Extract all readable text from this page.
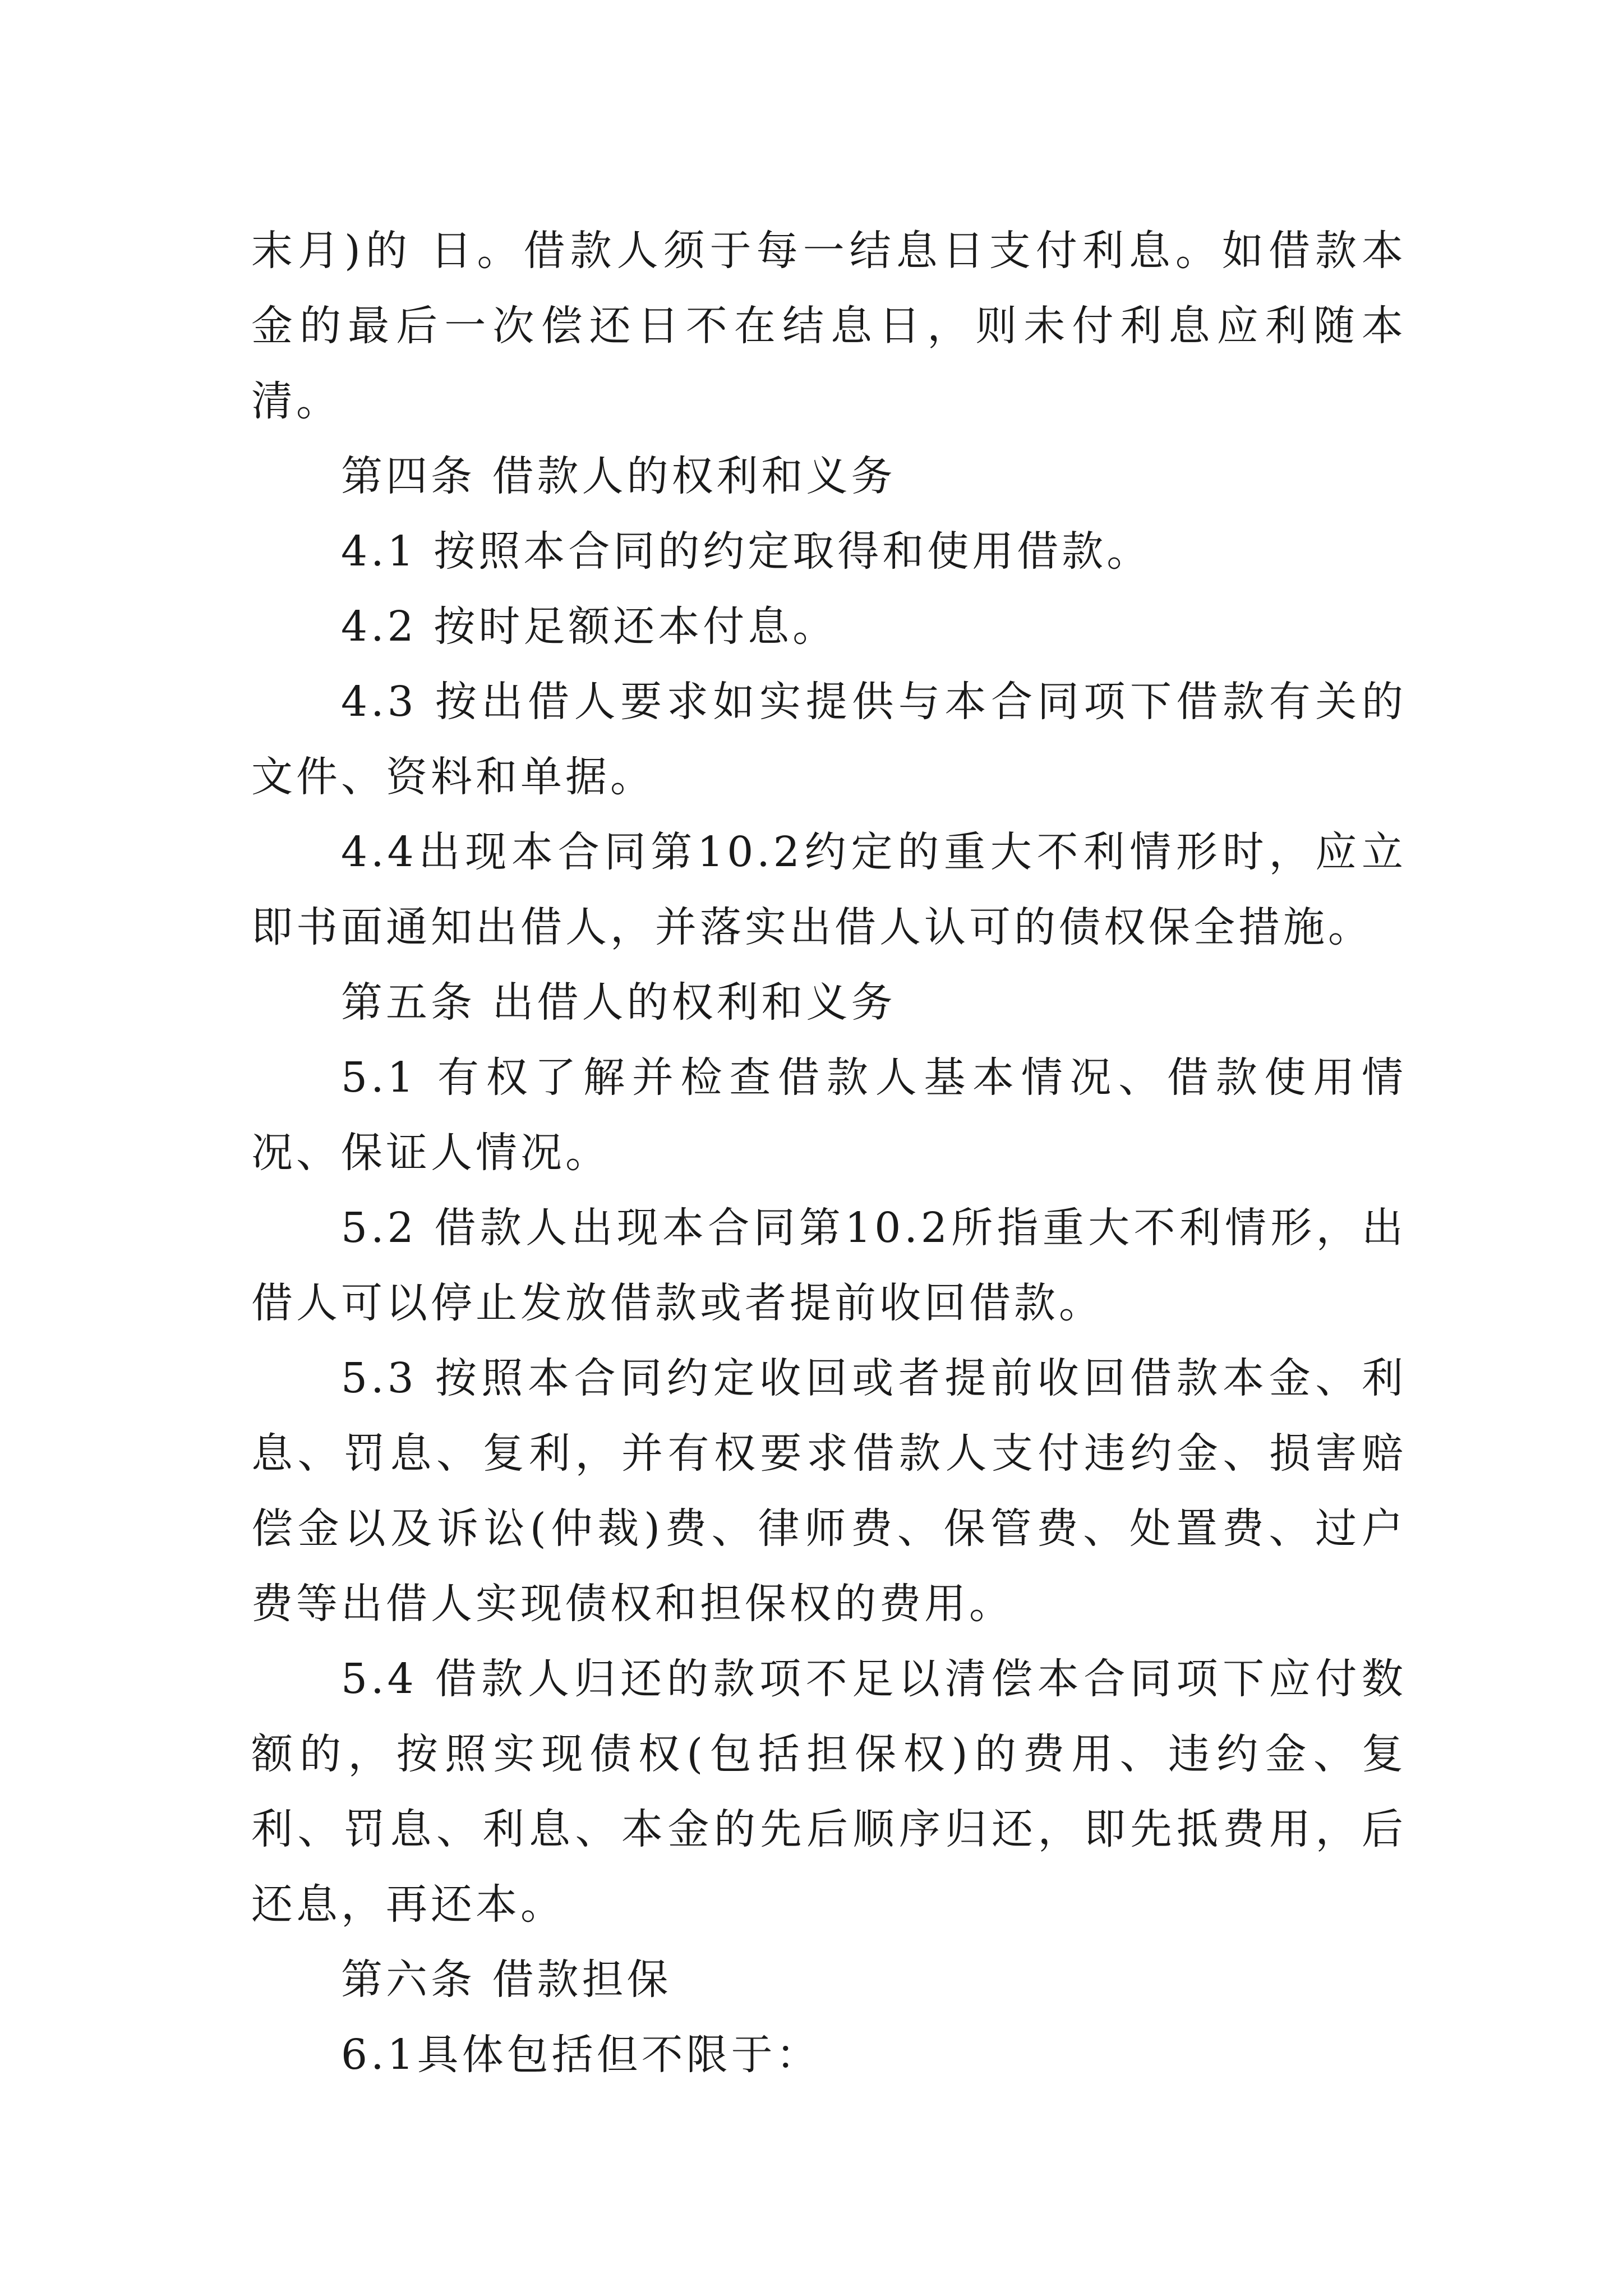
末月)的 日。借款人须于每一结息日支付利息。如借款本金的最后一次偿还日不在结息日，则未付利息应利随本清。

第四条 借款人的权利和义务

4.1 按照本合同的约定取得和使用借款。

4.2 按时足额还本付息。

4.3 按出借人要求如实提供与本合同项下借款有关的文件、资料和单据。

4.4出现本合同第10.2约定的重大不利情形时，应立即书面通知出借人，并落实出借人认可的债权保全措施。

第五条 出借人的权利和义务

5.1 有权了解并检查借款人基本情况、借款使用情况、保证人情况。

5.2 借款人出现本合同第10.2所指重大不利情形，出借人可以停止发放借款或者提前收回借款。

5.3 按照本合同约定收回或者提前收回借款本金、利息、罚息、复利，并有权要求借款人支付违约金、损害赔偿金以及诉讼(仲裁)费、律师费、保管费、处置费、过户费等出借人实现债权和担保权的费用。

5.4 借款人归还的款项不足以清偿本合同项下应付数额的，按照实现债权(包括担保权)的费用、违约金、复利、罚息、利息、本金的先后顺序归还，即先抵费用，后还息，再还本。

第六条 借款担保

6.1具体包括但不限于：
